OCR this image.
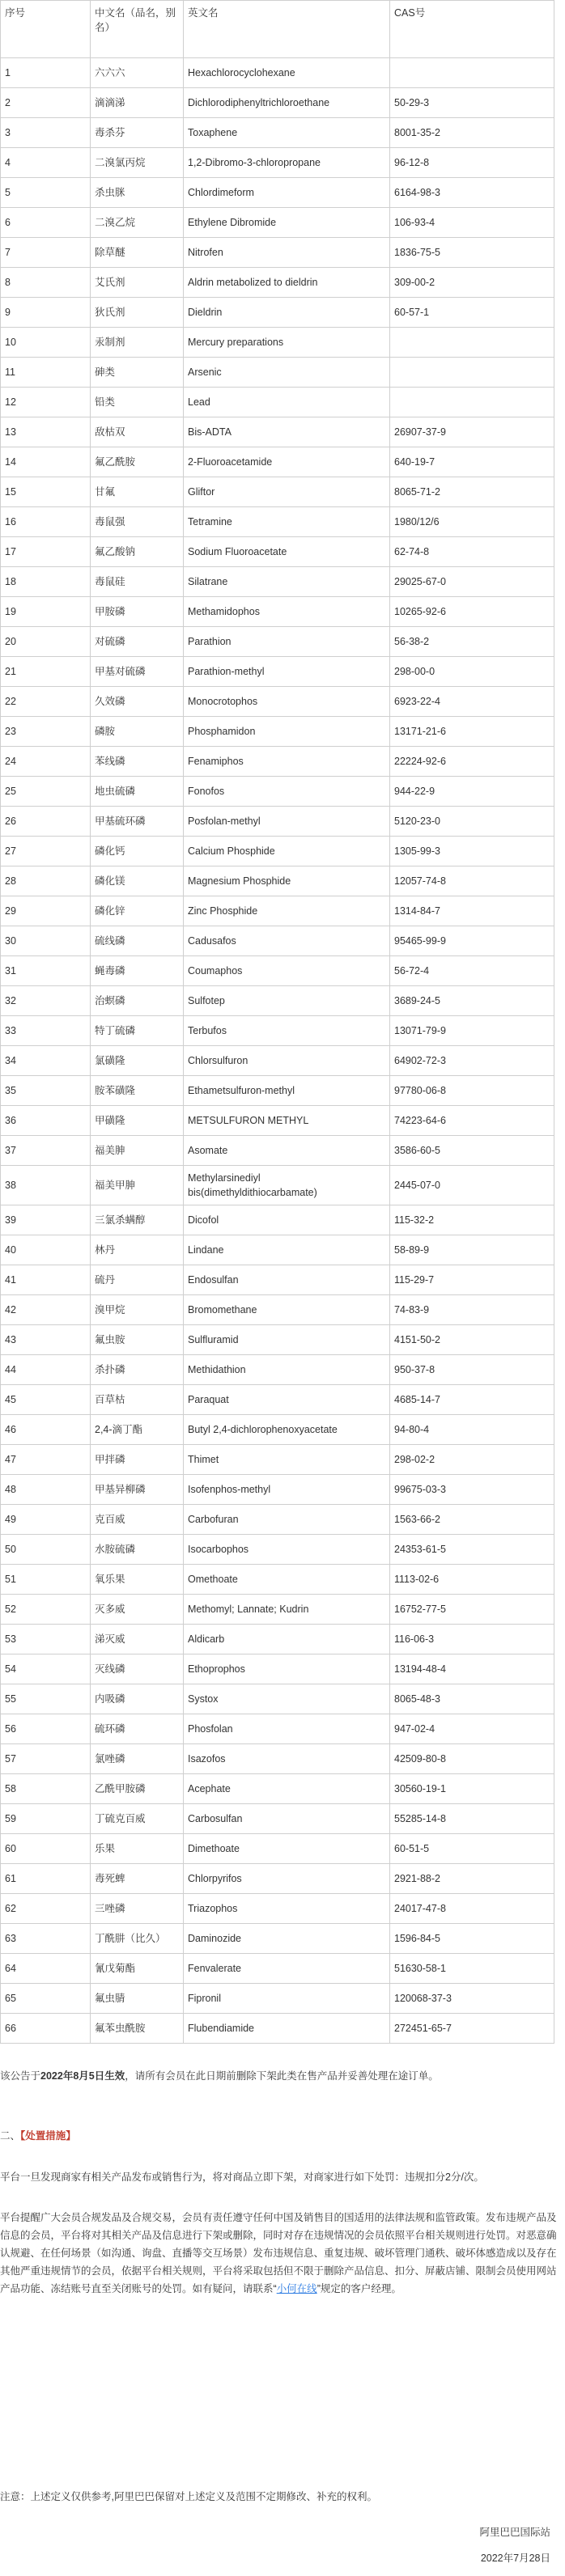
序号	中文名（品名，别名）	英文名	CAS号
1	六六六	Hexachlorocyclohexane	
2	滴滴涕	Dichlorodiphenyltrichloroethane	50-29-3
3	毒杀芬	Toxaphene	8001-35-2
4	二溴氯丙烷	1,2-Dibromo-3-chloropropane	96-12-8
5	杀虫脒	Chlordimeform	6164-98-3
6	二溴乙烷	Ethylene Dibromide	106-93-4
7	除草醚	Nitrofen	1836-75-5
8	艾氏剂	Aldrin metabolized to dieldrin	309-00-2
9	狄氏剂	Dieldrin	60-57-1
10	汞制剂	Mercury preparations	
11	砷类	Arsenic	
12	铅类	Lead	
13	敌枯双	Bis-ADTA	26907-37-9
14	氟乙酰胺	2-Fluoroacetamide	640-19-7
15	甘氟	Gliftor	8065-71-2
16	毒鼠强	Tetramine	1980/12/6
17	氟乙酸钠	Sodium Fluoroacetate	62-74-8
18	毒鼠硅	Silatrane	29025-67-0
19	甲胺磷	Methamidophos	10265-92-6
20	对硫磷	Parathion	56-38-2
21	甲基对硫磷	Parathion-methyl	298-00-0
22	久效磷	Monocrotophos	6923-22-4
23	磷胺	Phosphamidon	13171-21-6
24	苯线磷	Fenamiphos	22224-92-6
25	地虫硫磷	Fonofos	944-22-9
26	甲基硫环磷	Posfolan-methyl	5120-23-0
27	磷化钙	Calcium Phosphide	1305-99-3
28	磷化镁	Magnesium Phosphide	12057-74-8
29	磷化锌	Zinc Phosphide	1314-84-7
30	硫线磷	Cadusafos	95465-99-9
31	蝇毒磷	Coumaphos	56-72-4
32	治螟磷	Sulfotep	3689-24-5
33	特丁硫磷	Terbufos	13071-79-9
34	氯磺隆	Chlorsulfuron	64902-72-3
35	胺苯磺隆	Ethametsulfuron-methyl	97780-06-8
36	甲磺隆	METSULFURON METHYL	74223-64-6
37	福美胂	Asomate	3586-60-5
38	福美甲胂	Methylarsinediyl bis(dimethyldithiocarbamate)	2445-07-0
39	三氯杀螨醇	Dicofol	115-32-2
40	林丹	Lindane	58-89-9
41	硫丹	Endosulfan	115-29-7
42	溴甲烷	Bromomethane	74-83-9
43	氟虫胺	Sulfluramid	4151-50-2
44	杀扑磷	Methidathion	950-37-8
45	百草枯	Paraquat	4685-14-7
46	2,4-滴丁酯	Butyl 2,4-dichlorophenoxyacetate	94-80-4
47	甲拌磷	Thimet	298-02-2
48	甲基异柳磷	Isofenphos-methyl	99675-03-3
49	克百威	Carbofuran	1563-66-2
50	水胺硫磷	Isocarbophos	24353-61-5
51	氧乐果	Omethoate	1113-02-6
52	灭多威	Methomyl; Lannate; Kudrin	16752-77-5
53	涕灭威	Aldicarb	116-06-3
54	灭线磷	Ethoprophos	13194-48-4
55	内吸磷	Systox	8065-48-3
56	硫环磷	Phosfolan	947-02-4
57	氯唑磷	Isazofos	42509-80-8
58	乙酰甲胺磷	Acephate	30560-19-1
59	丁硫克百威	Carbosulfan	55285-14-8
60	乐果	Dimethoate	60-51-5
61	毒死蜱	Chlorpyrifos	2921-88-2
62	三唑磷	Triazophos	24017-47-8
63	丁酰肼（比久）	Daminozide	1596-84-5
64	氰戊菊酯	Fenvalerate	51630-58-1
65	氟虫腈	Fipronil	120068-37-3
66	氟苯虫酰胺	Flubendiamide	272451-65-7

该公告于2022年8月5日生效，请所有会员在此日期前删除下架此类在售产品并妥善处理在途订单。

二、【处置措施】

平台一旦发现商家有相关产品发布或销售行为，将对商品立即下架，对商家进行如下处罚：违规扣分2分/次。

平台提醒广大会员合规发品及合规交易，会员有责任遵守任何中国及销售目的国适用的法律法规和监管政策。发布违规产品及信息的会员，平台将对其相关产品及信息进行下架或删除，同时对存在违规情况的会员依照平台相关规则进行处罚。对恶意确认规避、在任何场景（如沟通、询盘、直播等交互场景）发布违规信息、重复违规、破坏管理门通秩、破坏体感造成以及存在其他严重违规情节的会员，依据平台相关规则，平台将采取包括但不限于删除产品信息、扣分、屏蔽店铺、限制会员使用网站产品功能、冻结账号直至关闭账号的处罚。如有疑问，请联系“小何在线”规定的客户经理。

注意：上述定义仅供参考,阿里巴巴保留对上述定义及范围不定期修改、补充的权利。

阿里巴巴国际站
2022年7月28日
